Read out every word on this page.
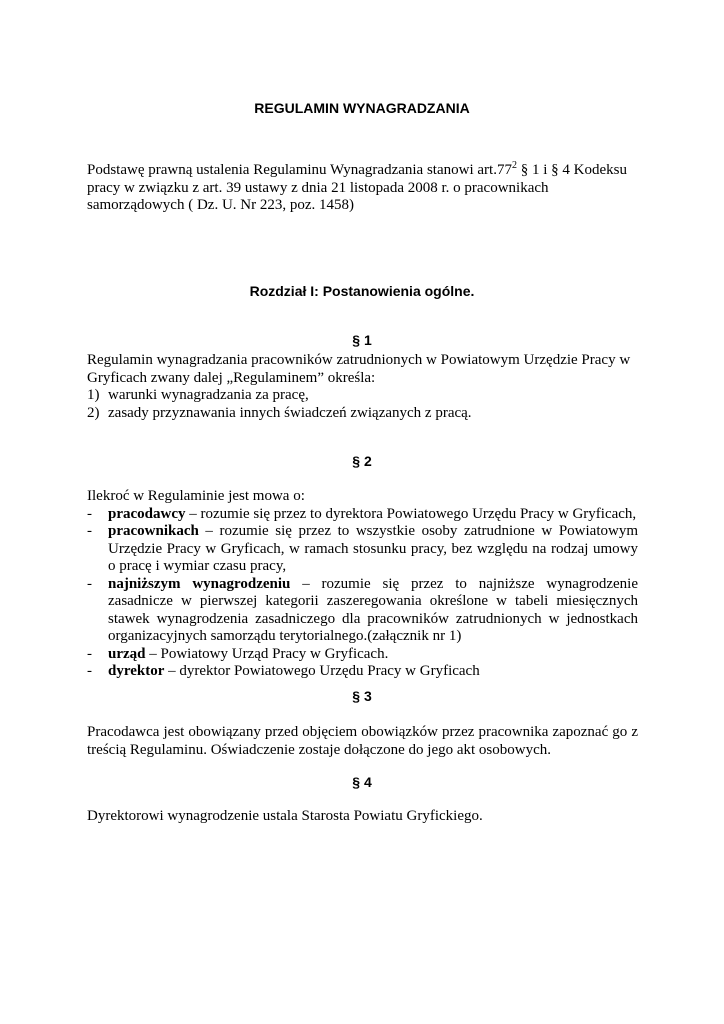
REGULAMIN WYNAGRADZANIA

Podstawę prawną ustalenia Regulaminu Wynagradzania stanowi $art.77^2$ § 1 i § 4 Kodeksu pracy w związku z art. 39 ustawy z dnia 21 listopada 2008 r. o pracownikach samorządowych ( Dz. U. Nr 223, poz. 1458)

Rozdział I: Postanowienia ogólne.
§ 1
Regulamin wynagradzania pracowników zatrudnionych w Powiatowym Urzędzie Pracy w Gryficach zwany dalej „Regulaminem” określa:
1) warunki wynagradzania za pracę,
2) zasady przyznawania innych świadczeń związanych z pracą.
§ 2
Ilekroć w Regulaminie jest mowa o:
- pracodawcy – rozumie się przez to dyrektora Powiatowego Urzędu Pracy w Gryficach,
- pracownikach – rozumie się przez to wszystkie osoby zatrudnione w Powiatowym Urzędzie Pracy w Gryficach, w ramach stosunku pracy, bez względu na rodzaj umowy o pracę i wymiar czasu pracy,
- najniższym wynagrodzeniu – rozumie się przez to najniższe wynagrodzenie zasadnicze w pierwszej kategorii zaszeregowania określone w tabeli miesięcznych stawek wynagrodzenia zasadniczego dla pracowników zatrudnionych w jednostkach organizacyjnych samorządu terytorialnego.(załącznik nr 1)
- urząd – Powiatowy Urząd Pracy w Gryficach.
- dyrektor – dyrektor Powiatowego Urzędu Pracy w Gryficach
§ 3

Pracodawca jest obowiązany przed objęciem obowiązków przez pracownika zapoznać go z treścią Regulaminu. Oświadczenie zostaje dołączone do jego akt osobowych.

§ 4

Dyrektorowi wynagrodzenie ustala Starosta Powiatu Gryfickiego.
